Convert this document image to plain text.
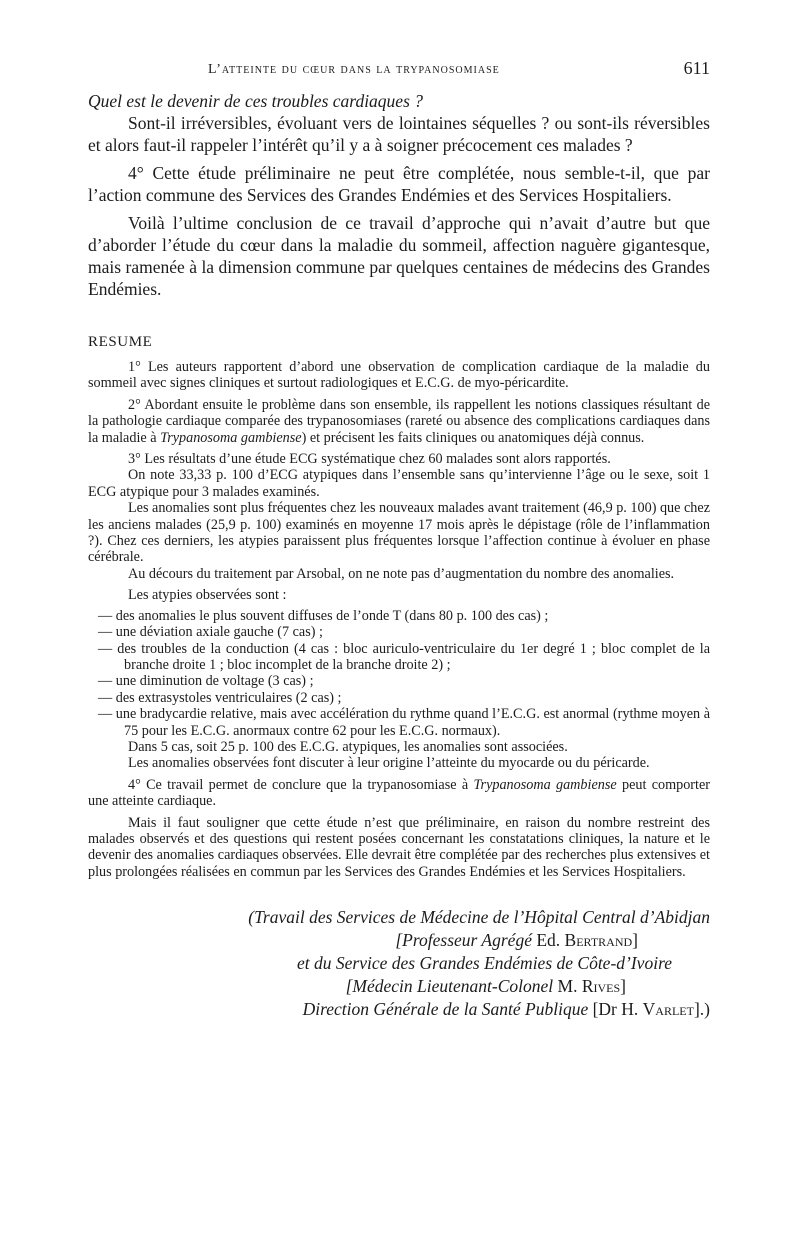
L’atteinte du cœur dans la trypanosomiase	611

Quel est le devenir de ces troubles cardiaques ?

Sont-il irréversibles, évoluant vers de lointaines séquelles ? ou sont-ils réversibles et alors faut-il rappeler l’intérêt qu’il y a à soigner précocement ces malades ?

4° Cette étude préliminaire ne peut être complétée, nous semble-t-il, que par l’action commune des Services des Grandes Endémies et des Services Hospitaliers.

Voilà l’ultime conclusion de ce travail d’approche qui n’avait d’autre but que d’aborder l’étude du cœur dans la maladie du sommeil, affection naguère gigantesque, mais ramenée à la dimension commune par quelques centaines de médecins des Grandes Endémies.

RESUME

1° Les auteurs rapportent d’abord une observation de complication cardiaque de la maladie du sommeil avec signes cliniques et surtout radiologiques et E.C.G. de myo-péricardite.

2° Abordant ensuite le problème dans son ensemble, ils rappellent les notions classiques résultant de la pathologie cardiaque comparée des trypanosomiases (rareté ou absence des complications cardiaques dans la maladie à Trypanosoma gambiense) et précisent les faits cliniques ou anatomiques déjà connus.

3° Les résultats d’une étude ECG systématique chez 60 malades sont alors rapportés.

On note 33,33 p. 100 d’ECG atypiques dans l’ensemble sans qu’intervienne l’âge ou le sexe, soit 1 ECG atypique pour 3 malades examinés.

Les anomalies sont plus fréquentes chez les nouveaux malades avant traitement (46,9 p. 100) que chez les anciens malades (25,9 p. 100) examinés en moyenne 17 mois après le dépistage (rôle de l’inflammation ?). Chez ces derniers, les atypies paraissent plus fréquentes lorsque l’affection continue à évoluer en phase cérébrale.

Au décours du traitement par Arsobal, on ne note pas d’augmentation du nombre des anomalies.

Les atypies observées sont :

— des anomalies le plus souvent diffuses de l’onde T (dans 80 p. 100 des cas) ;
— une déviation axiale gauche (7 cas) ;
— des troubles de la conduction (4 cas : bloc auriculo-ventriculaire du 1er degré 1 ; bloc complet de la branche droite 1 ; bloc incomplet de la branche droite 2) ;
— une diminution de voltage (3 cas) ;
— des extrasystoles ventriculaires (2 cas) ;
— une bradycardie relative, mais avec accélération du rythme quand l’E.C.G. est anormal (rythme moyen à 75 pour les E.C.G. anormaux contre 62 pour les E.C.G. normaux).

Dans 5 cas, soit 25 p. 100 des E.C.G. atypiques, les anomalies sont associées.

Les anomalies observées font discuter à leur origine l’atteinte du myocarde ou du péricarde.

4° Ce travail permet de conclure que la trypanosomiase à Trypanosoma gambiense peut comporter une atteinte cardiaque.

Mais il faut souligner que cette étude n’est que préliminaire, en raison du nombre restreint des malades observés et des questions qui restent posées concernant les constatations cliniques, la nature et le devenir des anomalies cardiaques observées. Elle devrait être complétée par des recherches plus extensives et plus prolongées réalisées en commun par les Services des Grandes Endémies et les Services Hospitaliers.

(Travail des Services de Médecine de l’Hôpital Central d’Abidjan
[Professeur Agrégé Ed. Bertrand]
et du Service des Grandes Endémies de Côte-d’Ivoire
[Médecin Lieutenant-Colonel M. Rives]
Direction Générale de la Santé Publique [Dr H. Varlet].)
